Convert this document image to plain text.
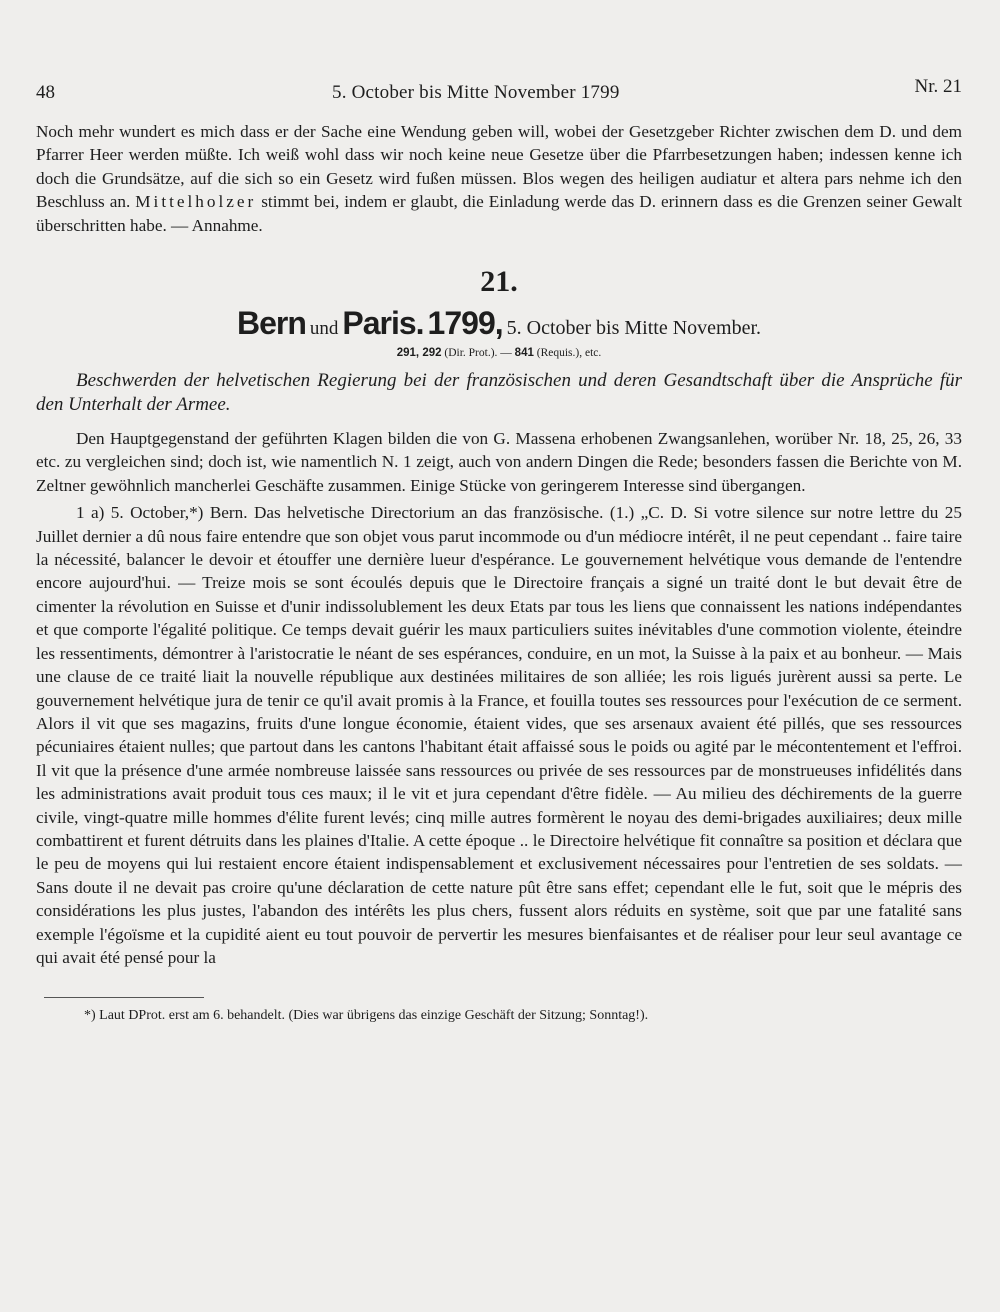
48	5. October bis Mitte November 1799	Nr. 21

Noch mehr wundert es mich dass er der Sache eine Wendung geben will, wobei der Gesetzgeber Richter zwischen dem D. und dem Pfarrer Heer werden müßte. Ich weiß wohl dass wir noch keine neue Gesetze über die Pfarrbesetzungen haben; indessen kenne ich doch die Grundsätze, auf die sich so ein Gesetz wird fußen müssen. Blos wegen des heiligen audiatur et altera pars nehme ich den Beschluss an. Mittelholzer stimmt bei, indem er glaubt, die Einladung werde das D. erinnern dass es die Grenzen seiner Gewalt überschritten habe. — Annahme.

21.
Bern und Paris. 1799, 5. October bis Mitte November.
291, 292 (Dir. Prot.). — 841 (Requis.), etc.

Beschwerden der helvetischen Regierung bei der französischen und deren Gesandtschaft über die Ansprüche für den Unterhalt der Armee.

Den Hauptgegenstand der geführten Klagen bilden die von G. Massena erhobenen Zwangsanlehen, worüber Nr. 18, 25, 26, 33 etc. zu vergleichen sind; doch ist, wie namentlich N. 1 zeigt, auch von andern Dingen die Rede; besonders fassen die Berichte von M. Zeltner gewöhnlich mancherlei Geschäfte zusammen. Einige Stücke von geringerem Interesse sind übergangen.

1 a) 5. October,*) Bern. Das helvetische Directorium an das französische. (1.) „C. D. Si votre silence sur notre lettre du 25 Juillet dernier a dû nous faire entendre que son objet vous parut incommode ou d'un médiocre intérêt, il ne peut cependant .. faire taire la nécessité, balancer le devoir et étouffer une dernière lueur d'espérance. Le gouvernement helvétique vous demande de l'entendre encore aujourd'hui. — Treize mois se sont écoulés depuis que le Directoire français a signé un traité dont le but devait être de cimenter la révolution en Suisse et d'unir indissolublement les deux Etats par tous les liens que connaissent les nations indépendantes et que comporte l'égalité politique. Ce temps devait guérir les maux particuliers suites inévitables d'une commotion violente, éteindre les ressentiments, démontrer à l'aristocratie le néant de ses espérances, conduire, en un mot, la Suisse à la paix et au bonheur. — Mais une clause de ce traité liait la nouvelle république aux destinées militaires de son alliée; les rois ligués jurèrent aussi sa perte. Le gouvernement helvétique jura de tenir ce qu'il avait promis à la France, et fouilla toutes ses ressources pour l'exécution de ce serment. Alors il vit que ses magazins, fruits d'une longue économie, étaient vides, que ses arsenaux avaient été pillés, que ses ressources pécuniaires étaient nulles; que partout dans les cantons l'habitant était affaissé sous le poids ou agité par le mécontentement et l'effroi. Il vit que la présence d'une armée nombreuse laissée sans ressources ou privée de ses ressources par de monstrueuses infidélités dans les administrations avait produit tous ces maux; il le vit et jura cependant d'être fidèle. — Au milieu des déchirements de la guerre civile, vingt-quatre mille hommes d'élite furent levés; cinq mille autres formèrent le noyau des demi-brigades auxiliaires; deux mille combattirent et furent détruits dans les plaines d'Italie. A cette époque .. le Directoire helvétique fit connaître sa position et déclara que le peu de moyens qui lui restaient encore étaient indispensablement et exclusivement nécessaires pour l'entretien de ses soldats. — Sans doute il ne devait pas croire qu'une déclaration de cette nature pût être sans effet; cependant elle le fut, soit que le mépris des considérations les plus justes, l'abandon des intérêts les plus chers, fussent alors réduits en système, soit que par une fatalité sans exemple l'égoïsme et la cupidité aient eu tout pouvoir de pervertir les mesures bienfaisantes et de réaliser pour leur seul avantage ce qui avait été pensé pour la

*) Laut DProt. erst am 6. behandelt. (Dies war übrigens das einzige Geschäft der Sitzung; Sonntag!).
